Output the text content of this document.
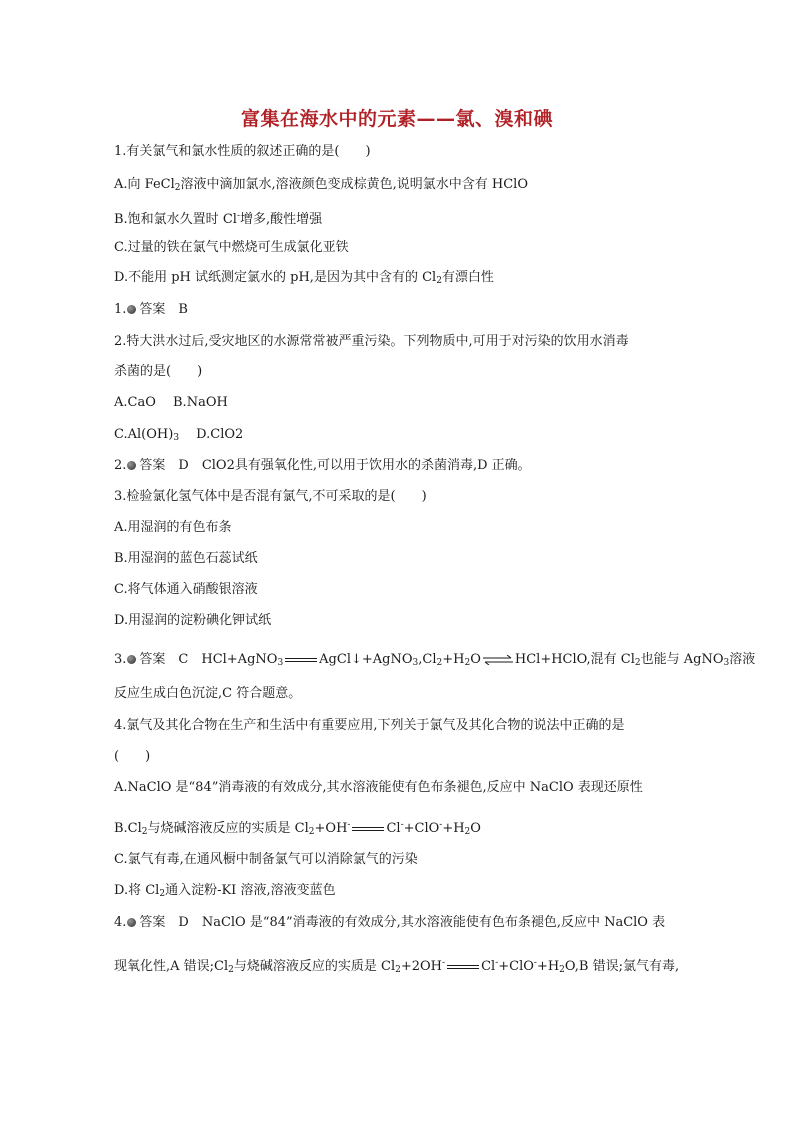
富集在海水中的元素——氯、溴和碘
1.有关氯气和氯水性质的叙述正确的是(　　)
A.向 FeCl$_2$溶液中滴加氯水,溶液颜色变成棕黄色,说明氯水中含有 HClO
B.饱和氯水久置时 Cl-增多,酸性增强
C.过量的铁在氯气中燃烧可生成氯化亚铁
D.不能用 pH 试纸测定氯水的 pH,是因为其中含有的 $Cl_2$有漂白性
1. 答案　B
2.特大洪水过后,受灾地区的水源常常被严重污染。下列物质中,可用于对污染的饮用水消毒
杀菌的是(　　)
A.CaO　 B.NaOH
$C.Al(OH)_3$　 D.ClO2
2. 答案　D　ClO2具有强氧化性,可以用于饮用水的杀菌消毒,D 正确。
3.检验氯化氢气体中是否混有氯气,不可采取的是(　　)
A.用湿润的有色布条
B.用湿润的蓝色石蕊试纸
C.将气体通入硝酸银溶液
D.用湿润的淀粉碘化钾试纸
3. 答案　C　HCl+AgNO$_3$	$AgCl↓+AgNO_3,Cl_2+H_2O$ ⇌ HCl+HClO,混有 $Cl_2$也能与 AgNO$_3$溶液
反应生成白色沉淀,C 符合题意。
4.氯气及其化合物在生产和生活中有重要应用,下列关于氯气及其化合物的说法中正确的是
(　　)
A.NaClO 是“84”消毒液的有效成分,其水溶液能使有色布条褪色,反应中 NaClO 表现还原性
$B.Cl_2$与烧碱溶液反应的实质是 $Cl_2+OH^-$	$Cl^-+ClO^-+H_2O$
C.氯气有毒,在通风橱中制备氯气可以消除氯气的污染
D.将 $Cl_2$通入淀粉-KI 溶液,溶液变蓝色
4. 答案　D　NaClO 是“84”消毒液的有效成分,其水溶液能使有色布条褪色,反应中 NaClO 表
现氧化性,A 错误$;Cl_2$与烧碱溶液反应的实质是 $Cl_2+2OH^-$	$Cl^-+ClO^-+H_2O,B$ 错误;氯气有毒,
